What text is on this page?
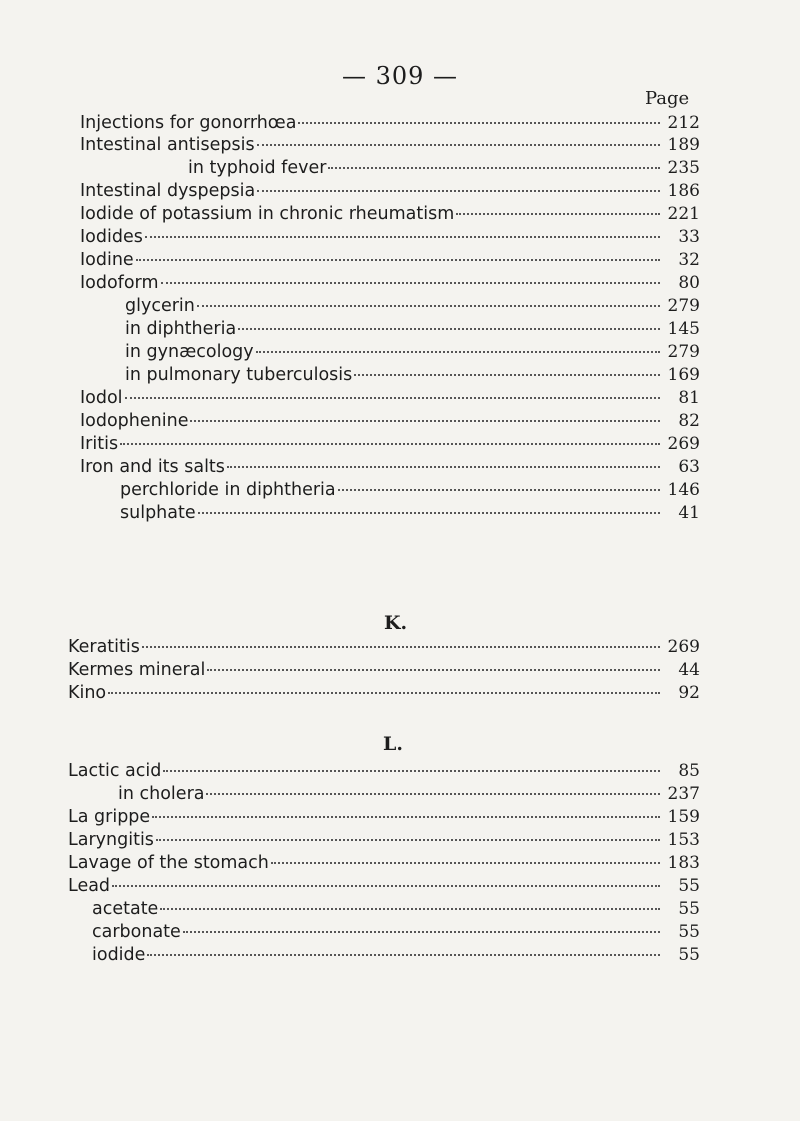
— 309 —
Page
Injections for gonorrhœa	212
Intestinal antisepsis	189
in typhoid fever	235
Intestinal dyspepsia	186
Iodide of potassium in chronic rheumatism	221
Iodides	33
Iodine	32
Iodoform	80
glycerin	279
in diphtheria	145
in gynæcology	279
in pulmonary tuberculosis	169
Iodol	81
Iodophenine	82
Iritis	269
Iron and its salts	63
perchloride in diphtheria	146
sulphate	41
Keratitis	269
Kermes mineral	44
Kino	92
Lactic acid	85
in cholera	237
La grippe	159
Laryngitis	153
Lavage of the stomach	183
Lead	55
acetate	55
carbonate	55
iodide	55
K.
L.
